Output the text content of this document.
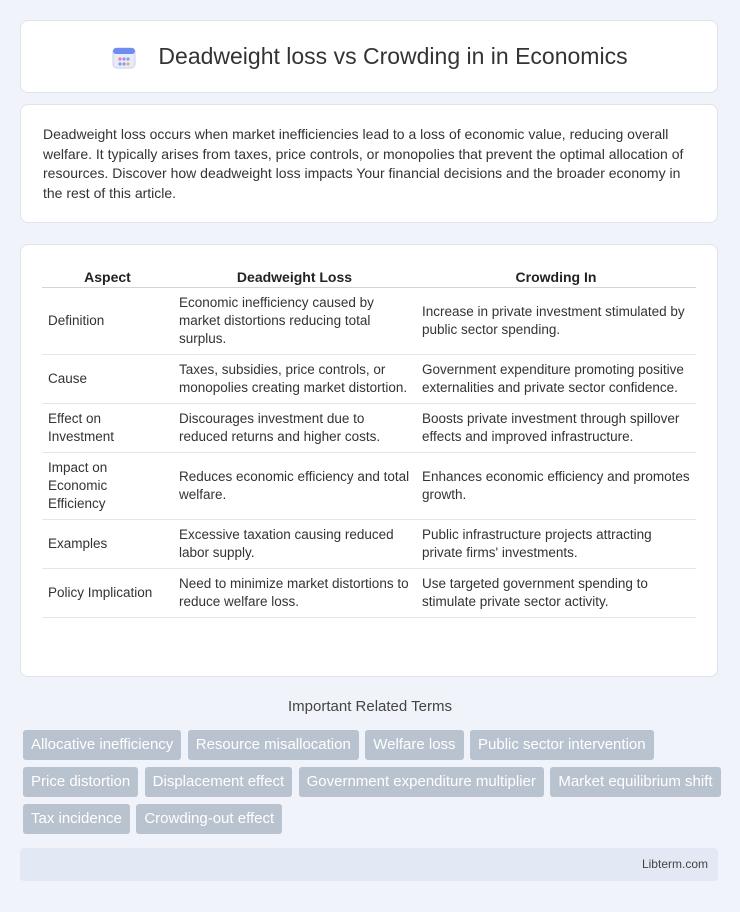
Deadweight loss vs Crowding in in Economics

Deadweight loss occurs when market inefficiencies lead to a loss of economic value, reducing overall welfare. It typically arises from taxes, price controls, or monopolies that prevent the optimal allocation of resources. Discover how deadweight loss impacts Your financial decisions and the broader economy in the rest of this article.

Aspect	Deadweight Loss	Crowding In
Definition	Economic inefficiency caused by market distortions reducing total surplus.	Increase in private investment stimulated by public sector spending.
Cause	Taxes, subsidies, price controls, or monopolies creating market distortion.	Government expenditure promoting positive externalities and private sector confidence.
Effect on Investment	Discourages investment due to reduced returns and higher costs.	Boosts private investment through spillover effects and improved infrastructure.
Impact on Economic Efficiency	Reduces economic efficiency and total welfare.	Enhances economic efficiency and promotes growth.
Examples	Excessive taxation causing reduced labor supply.	Public infrastructure projects attracting private firms' investments.
Policy Implication	Need to minimize market distortions to reduce welfare loss.	Use targeted government spending to stimulate private sector activity.
Important Related Terms
Allocative inefficiency Resource misallocation Welfare loss Public sector intervention Price distortion Displacement effect Government expenditure multiplier Market equilibrium shift Tax incidence Crowding-out effect
Libterm.com
